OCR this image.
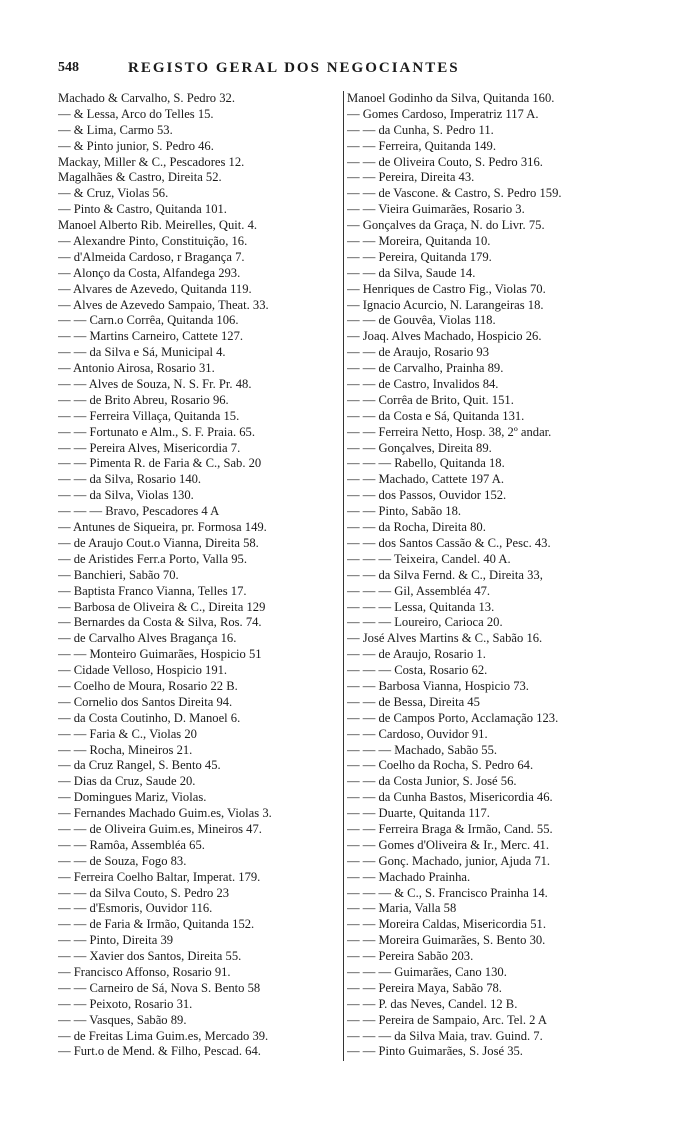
548	REGISTO GERAL DOS NEGOCIANTES
Machado & Carvalho, S. Pedro 32.
— & Lessa, Arco do Telles 15.
— & Lima, Carmo 53.
— & Pinto junior, S. Pedro 46.
Mackay, Miller & C., Pescadores 12.
Magalhães & Castro, Direita 52.
— & Cruz, Violas 56.
— Pinto & Castro, Quitanda 101.
Manoel Alberto Rib. Meirelles, Quit. 4.
— Alexandre Pinto, Constituição, 16.
— d'Almeida Cardoso, r Bragança 7.
— Alonço da Costa, Alfandega 293.
— Alvares de Azevedo, Quitanda 119.
— Alves de Azevedo Sampaio, Theat. 33.
— — Carn.o Corrêa, Quitanda 106.
— — Martins Carneiro, Cattete 127.
— — da Silva e Sá, Municipal 4.
— Antonio Airosa, Rosario 31.
— — Alves de Souza, N. S. Fr. Pr. 48.
— — de Brito Abreu, Rosario 96.
— — Ferreira Villaça, Quitanda 15.
— — Fortunato e Alm., S. F. Praia. 65.
— — Pereira Alves, Misericordia 7.
— — Pimenta R. de Faria & C., Sab. 20
— — da Silva, Rosario 140.
— — da Silva, Violas 130.
— — — Bravo, Pescadores 4 A
— Antunes de Siqueira, pr. Formosa 149.
— de Araujo Cout.o Vianna, Direita 58.
— de Aristides Ferr.a Porto, Valla 95.
— Banchieri, Sabão 70.
— Baptista Franco Vianna, Telles 17.
— Barbosa de Oliveira & C., Direita 129
— Bernardes da Costa & Silva, Ros. 74.
— de Carvalho Alves Bragança 16.
— — Monteiro Guimarães, Hospicio 51
— Cidade Velloso, Hospicio 191.
— Coelho de Moura, Rosario 22 B.
— Cornelio dos Santos Direita 94.
— da Costa Coutinho, D. Manoel 6.
— — Faria & C., Violas 20
— — Rocha, Mineiros 21.
— da Cruz Rangel, S. Bento 45.
— Dias da Cruz, Saude 20.
— Domingues Mariz, Violas.
— Fernandes Machado Guim.es, Violas 3.
— — de Oliveira Guim.es, Mineiros 47.
— — Ramôa, Assembléa 65.
— — de Souza, Fogo 83.
— Ferreira Coelho Baltar, Imperat. 179.
— — da Silva Couto, S. Pedro 23
— — d'Esmoris, Ouvidor 116.
— — de Faria & Irmão, Quitanda 152.
— — Pinto, Direita 39
— — Xavier dos Santos, Direita 55.
— Francisco Affonso, Rosario 91.
— — Carneiro de Sá, Nova S. Bento 58
— — Peixoto, Rosario 31.
— — Vasques, Sabão 89.
— de Freitas Lima Guim.es, Mercado 39.
— Furt.o de Mend. & Filho, Pescad. 64.
Manoel Godinho da Silva, Quitanda 160.
— Gomes Cardoso, Imperatriz 117 A.
— — da Cunha, S. Pedro 11.
— — Ferreira, Quitanda 149.
— — de Oliveira Couto, S. Pedro 316.
— — Pereira, Direita 43.
— — de Vascone. & Castro, S. Pedro 159.
— — Vieira Guimarães, Rosario 3.
— Gonçalves da Graça, N. do Livr. 75.
— — Moreira, Quitanda 10.
— — Pereira, Quitanda 179.
— — da Silva, Saude 14.
— Henriques de Castro Fig., Violas 70.
— Ignacio Acurcio, N. Larangeiras 18.
— — de Gouvêa, Violas 118.
— Joaq. Alves Machado, Hospicio 26.
— — de Araujo, Rosario 93
— — de Carvalho, Prainha 89.
— — de Castro, Invalidos 84.
— — Corrêa de Brito, Quit. 151.
— — da Costa e Sá, Quitanda 131.
— — Ferreira Netto, Hosp. 38, 2º andar.
— — Gonçalves, Direita 89.
— — — Rabello, Quitanda 18.
— — Machado, Cattete 197 A.
— — dos Passos, Ouvidor 152.
— — Pinto, Sabão 18.
— — da Rocha, Direita 80.
— — dos Santos Cassão & C., Pesc. 43.
— — — Teixeira, Candel. 40 A.
— — da Silva Fernd. & C., Direita 33,
— — — Gil, Assembléa 47.
— — — Lessa, Quitanda 13.
— — — Loureiro, Carioca 20.
— José Alves Martins & C., Sabão 16.
— — de Araujo, Rosario 1.
— — — Costa, Rosario 62.
— — Barbosa Vianna, Hospicio 73.
— — de Bessa, Direita 45
— — de Campos Porto, Acclamação 123.
— — Cardoso, Ouvidor 91.
— — — Machado, Sabão 55.
— — Coelho da Rocha, S. Pedro 64.
— — da Costa Junior, S. José 56.
— — da Cunha Bastos, Misericordia 46.
— — Duarte, Quitanda 117.
— — Ferreira Braga & Irmão, Cand. 55.
— — Gomes d'Oliveira & Ir., Merc. 41.
— — Gonç. Machado, junior, Ajuda 71.
— — Machado Prainha.
— — — & C., S. Francisco Prainha 14.
— — Maria, Valla 58
— — Moreira Caldas, Misericordia 51.
— — Moreira Guimarães, S. Bento 30.
— — Pereira Sabão 203.
— — — Guimarães, Cano 130.
— — Pereira Maya, Sabão 78.
— — P. das Neves, Candel. 12 B.
— — Pereira de Sampaio, Arc. Tel. 2 A
— — — da Silva Maia, trav. Guind. 7.
— — Pinto Guimarães, S. José 35.
